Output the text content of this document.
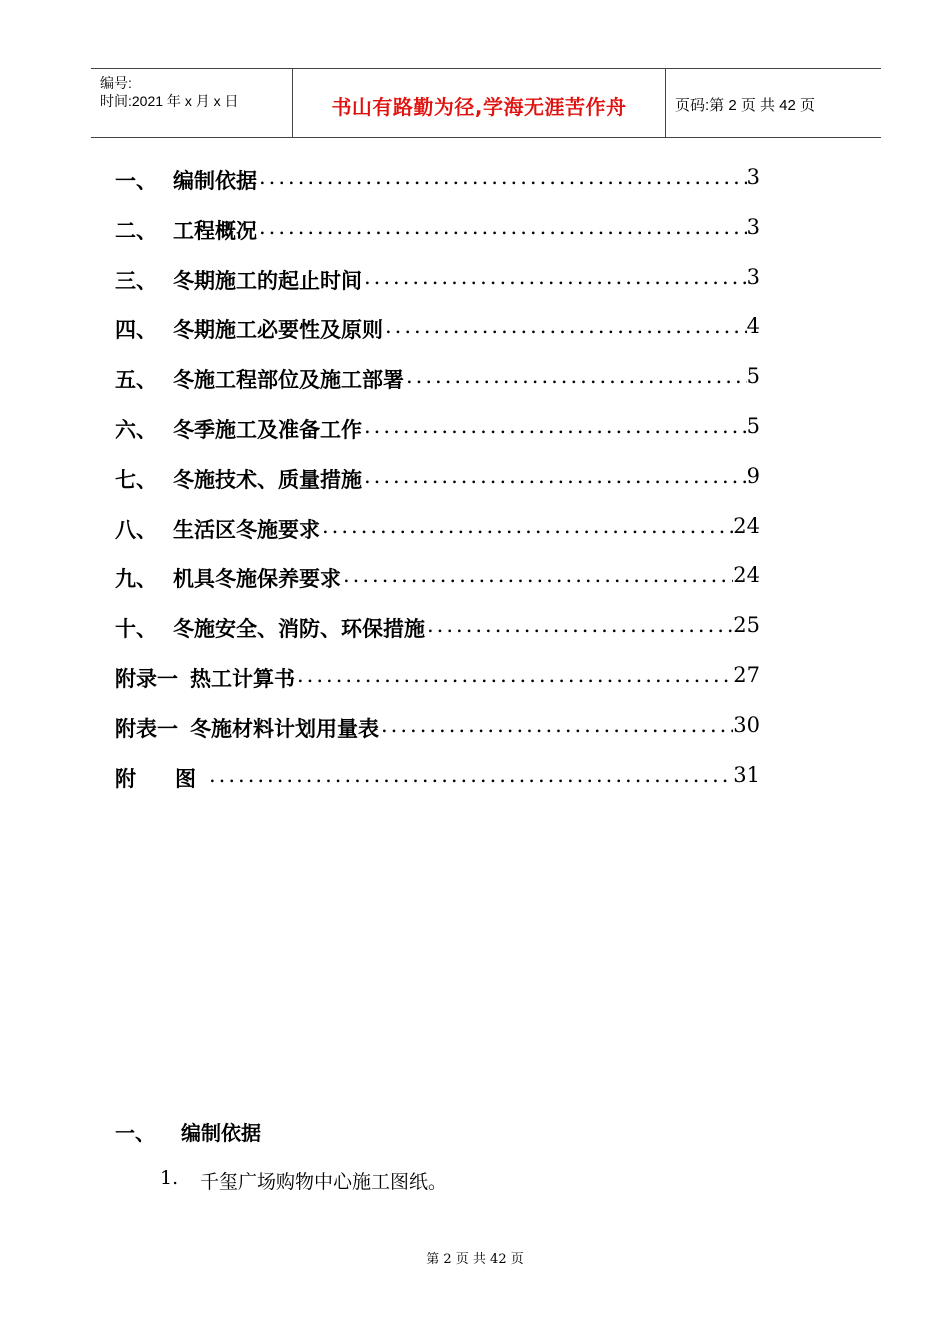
编号:
时间:2021 年 x 月 x 日	书山有路勤为径,学海无涯苦作舟	页码:第 2 页 共 42 页
一、 编制依据 .....	3
二、 工程概况 .....	3
三、 冬期施工的起止时间 .....	3
四、 冬期施工必要性及原则 .....	4
五、 冬施工程部位及施工部署 .....	5
六、 冬季施工及准备工作 .....	5
七、 冬施技术、质量措施 .....	9
八、 生活区冬施要求 .....	24
九、 机具冬施保养要求 .....	24
十、 冬施安全、消防、环保措施 .....	25
附录一 热工计算书 .....	27
附表一 冬施材料计划用量表 .....	30
附	图 .....	31
一、	编制依据
1.	千玺广场购物中心施工图纸。
第 2 页 共 42 页
